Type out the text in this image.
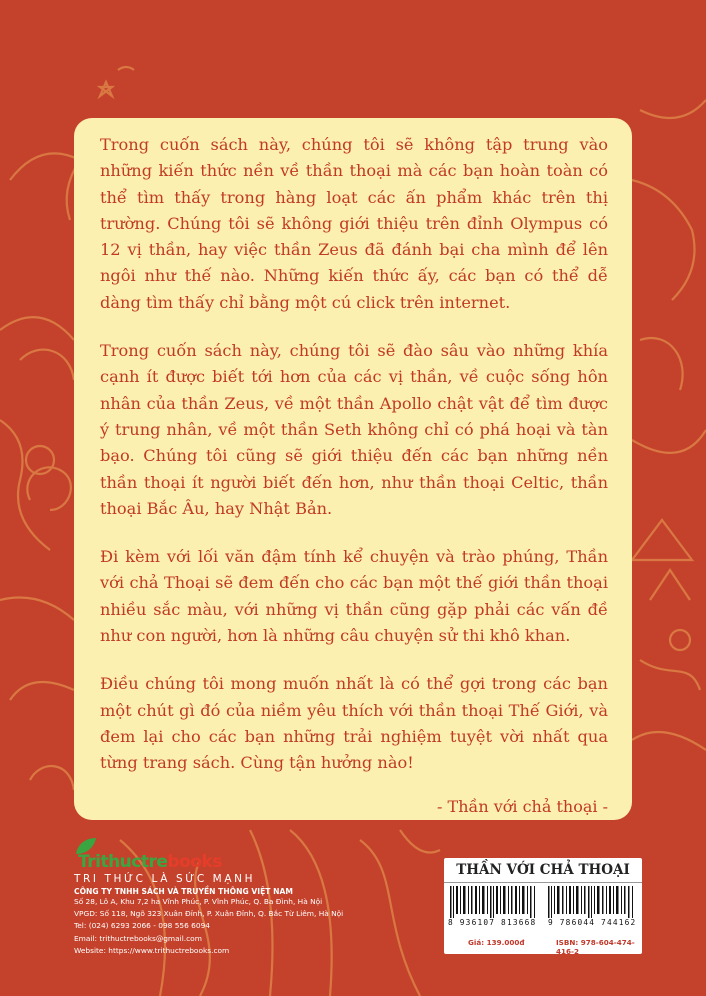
Trong cuốn sách này, chúng tôi sẽ không tập trung vào những kiến thức nền về thần thoại mà các bạn hoàn toàn có thể tìm thấy trong hàng loạt các ấn phẩm khác trên thị trường. Chúng tôi sẽ không giới thiệu trên đỉnh Olympus có 12 vị thần, hay việc thần Zeus đã đánh bại cha mình để lên ngôi như thế nào. Những kiến thức ấy, các bạn có thể dễ dàng tìm thấy chỉ bằng một cú click trên internet.

Trong cuốn sách này, chúng tôi sẽ đào sâu vào những khía cạnh ít được biết tới hơn của các vị thần, về cuộc sống hôn nhân của thần Zeus, về một thần Apollo chật vật để tìm được ý trung nhân, về một thần Seth không chỉ có phá hoại và tàn bạo. Chúng tôi cũng sẽ giới thiệu đến các bạn những nền thần thoại ít người biết đến hơn, như thần thoại Celtic, thần thoại Bắc Âu, hay Nhật Bản.

Đi kèm với lối văn đậm tính kể chuyện và trào phúng, Thần với chả Thoại sẽ đem đến cho các bạn một thế giới thần thoại nhiều sắc màu, với những vị thần cũng gặp phải các vấn đề như con người, hơn là những câu chuyện sử thi khô khan.

Điều chúng tôi mong muốn nhất là có thể gợi trong các bạn một chút gì đó của niềm yêu thích với thần thoại Thế Giới, và đem lại cho các bạn những trải nghiệm tuyệt vời nhất qua từng trang sách. Cùng tận hưởng nào!

- Thần với chả thoại -
Trithuctrebooks
TRI THỨC LÀ SỨC MẠNH
CÔNG TY TNHH SÁCH VÀ TRUYỀN THÔNG VIỆT NAM
Số 28, Lô A, Khu 7,2 ha Vĩnh Phúc, P. Vĩnh Phúc, Q. Ba Đình, Hà Nội
VPGD: Số 118, Ngõ 323 Xuân Đỉnh, P. Xuân Đỉnh, Q. Bắc Từ Liêm, Hà Nội
Tel: (024) 6293 2066 - 098 556 6094
Email: trithuctrebooks@gmail.com
Website: https://www.trithuctrebooks.com
THẦN VỚI CHẢ THOẠI
8 936107 813668
Giá: 139.000đ
9 786044 744162
ISBN: 978-604-474-416-2
